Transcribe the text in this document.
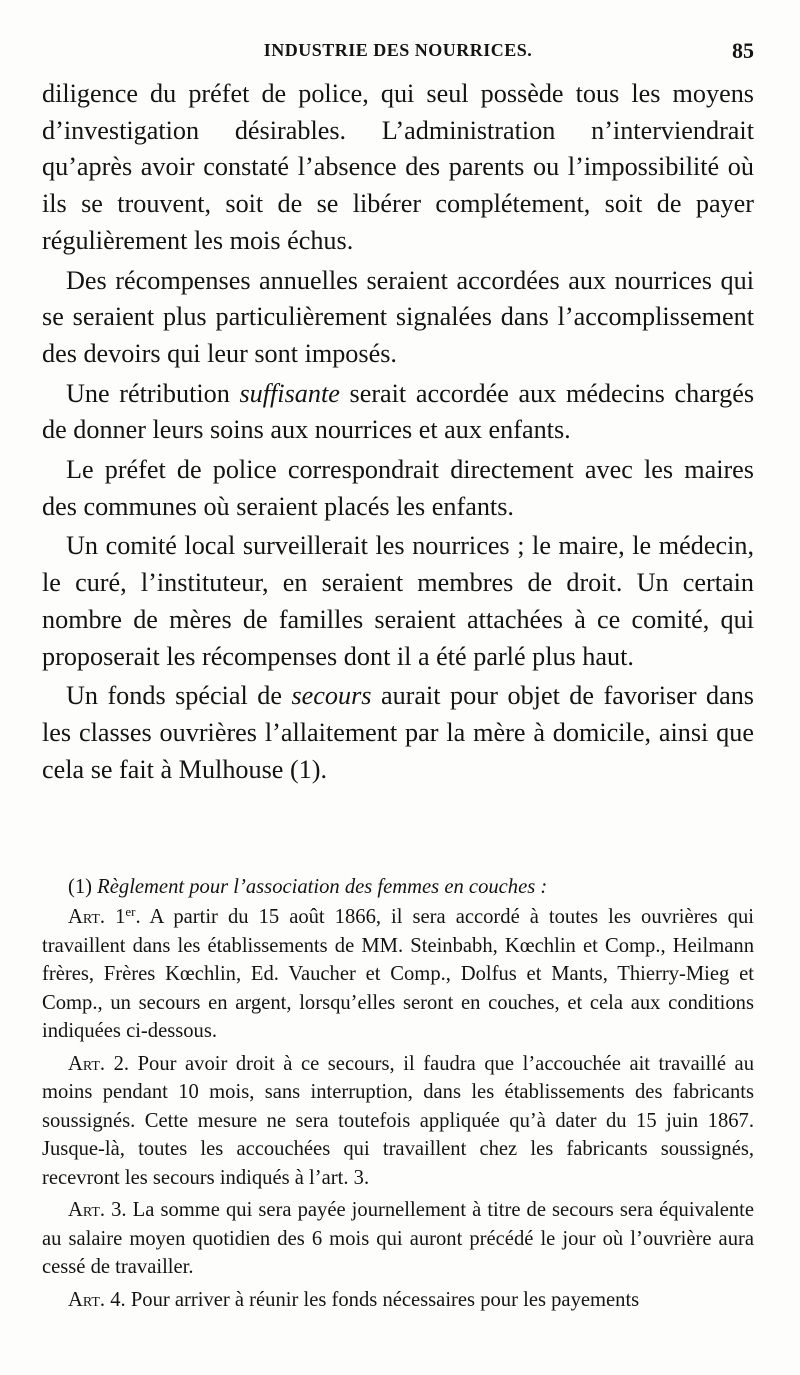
INDUSTRIE DES NOURRICES.	85

diligence du préfet de police, qui seul possède tous les moyens d’investigation désirables. L’administration n’interviendrait qu’après avoir constaté l’absence des parents ou l’impossibilité où ils se trouvent, soit de se libérer complétement, soit de payer régulièrement les mois échus.

Des récompenses annuelles seraient accordées aux nourrices qui se seraient plus particulièrement signalées dans l’accomplissement des devoirs qui leur sont imposés.

Une rétribution suffisante serait accordée aux médecins chargés de donner leurs soins aux nourrices et aux enfants.

Le préfet de police correspondrait directement avec les maires des communes où seraient placés les enfants.

Un comité local surveillerait les nourrices ; le maire, le médecin, le curé, l’instituteur, en seraient membres de droit. Un certain nombre de mères de familles seraient attachées à ce comité, qui proposerait les récompenses dont il a été parlé plus haut.

Un fonds spécial de secours aurait pour objet de favoriser dans les classes ouvrières l’allaitement par la mère à domicile, ainsi que cela se fait à Mulhouse (1).

(1) Règlement pour l’association des femmes en couches :

Art. 1er. A partir du 15 août 1866, il sera accordé à toutes les ouvrières qui travaillent dans les établissements de MM. Steinbabh, Kœchlin et Comp., Heilmann frères, Frères Kœchlin, Ed. Vaucher et Comp., Dolfus et Mants, Thierry-Mieg et Comp., un secours en argent, lorsqu’elles seront en couches, et cela aux conditions indiquées ci-dessous.

Art. 2. Pour avoir droit à ce secours, il faudra que l’accouchée ait travaillé au moins pendant 10 mois, sans interruption, dans les établissements des fabricants soussignés. Cette mesure ne sera toutefois appliquée qu’à dater du 15 juin 1867. Jusque-là, toutes les accouchées qui travaillent chez les fabricants soussignés, recevront les secours indiqués à l’art. 3.

Art. 3. La somme qui sera payée journellement à titre de secours sera équivalente au salaire moyen quotidien des 6 mois qui auront précédé le jour où l’ouvrière aura cessé de travailler.

Art. 4. Pour arriver à réunir les fonds nécessaires pour les payements
